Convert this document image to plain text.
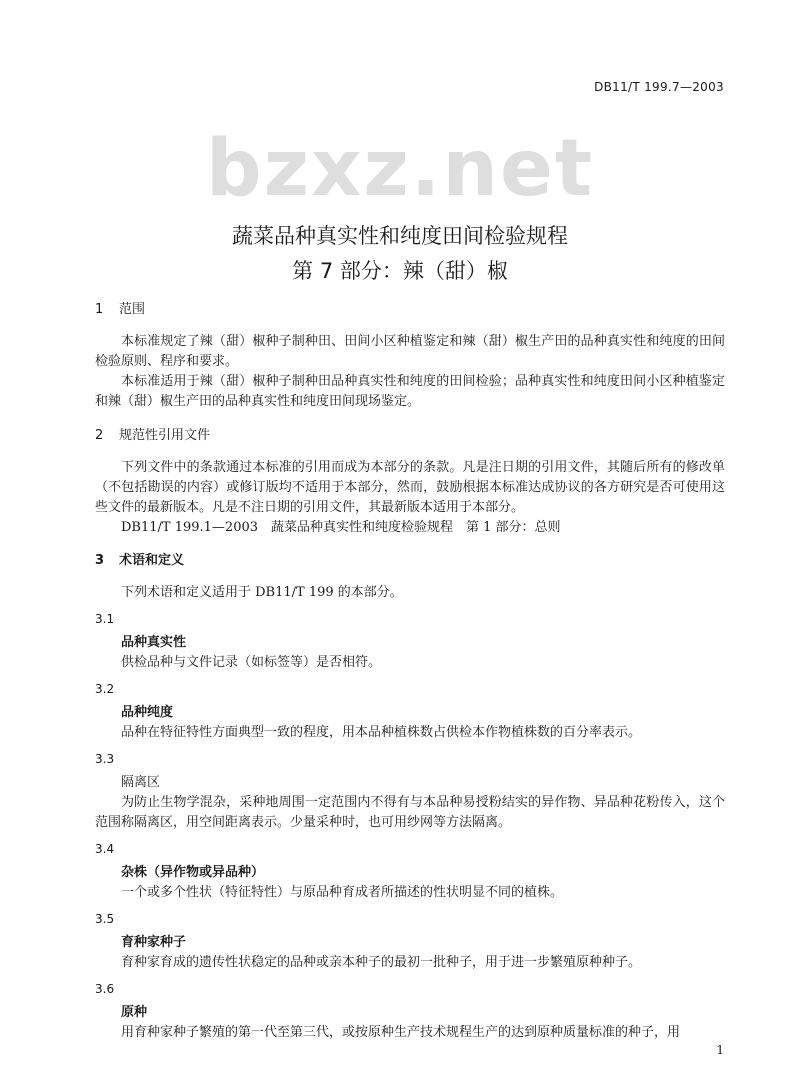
DB11/T 199.7—2003
bzxz.net
蔬菜品种真实性和纯度田间检验规程
第 7 部分：辣（甜）椒
1 范围

本标准规定了辣（甜）椒种子制种田、田间小区种植鉴定和辣（甜）椒生产田的品种真实性和纯度的田间检验原则、程序和要求。

本标准适用于辣（甜）椒种子制种田品种真实性和纯度的田间检验；品种真实性和纯度田间小区种植鉴定和辣（甜）椒生产田的品种真实性和纯度田间现场鉴定。

2 规范性引用文件

下列文件中的条款通过本标准的引用而成为本部分的条款。凡是注日期的引用文件，其随后所有的修改单（不包括勘误的内容）或修订版均不适用于本部分，然而，鼓励根据本标准达成协议的各方研究是否可使用这些文件的最新版本。凡是不注日期的引用文件，其最新版本适用于本部分。

DB11/T 199.1—2003　蔬菜品种真实性和纯度检验规程　第 1 部分：总则
3 术语和定义

下列术语和定义适用于 DB11/T 199 的本部分。

3.1
品种真实性
供检品种与文件记录（如标签等）是否相符。
3.2
品种纯度
品种在特征特性方面典型一致的程度，用本品种植株数占供检本作物植株数的百分率表示。
3.3
隔离区
为防止生物学混杂，采种地周围一定范围内不得有与本品种易授粉结实的异作物、异品种花粉传入，这个范围称隔离区，用空间距离表示。少量采种时，也可用纱网等方法隔离。
3.4
杂株（异作物或异品种）
一个或多个性状（特征特性）与原品种育成者所描述的性状明显不同的植株。
3.5
育种家种子
育种家育成的遗传性状稳定的品种或亲本种子的最初一批种子，用于进一步繁殖原种种子。
3.6
原种
用育种家种子繁殖的第一代至第三代，或按原种生产技术规程生产的达到原种质量标准的种子，用
1
